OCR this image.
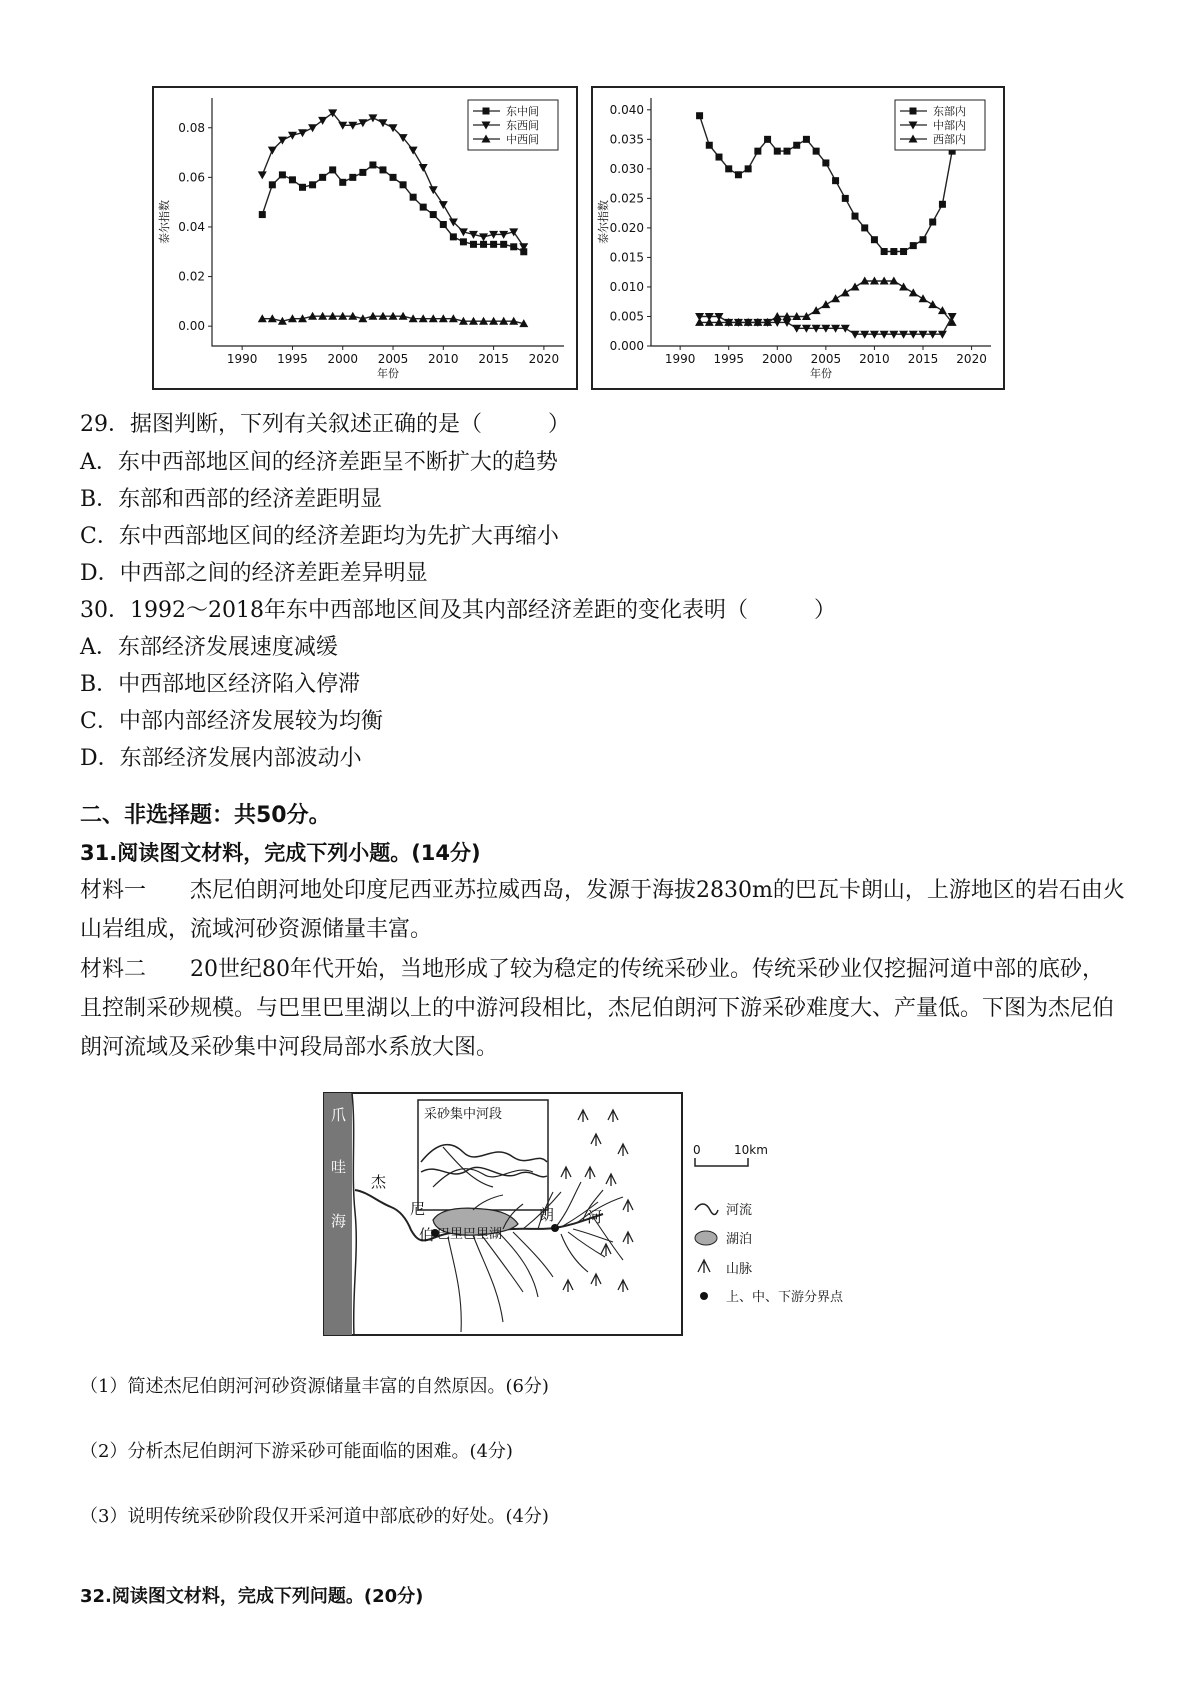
0.00
0.02
0.04
0.06
0.08
1990 1995 2000 2005 2010 2015 2020
年份
泰尔指数
东中间
东西间
中西间
0.000
0.005
0.010
0.015
0.020
0.025
0.030
0.035
0.040
1990 1995 2000 2005 2010 2015 2020
年份
泰尔指数
东部内
中部内
西部内
29．据图判断，下列有关叙述正确的是（　　　）
A．东中西部地区间的经济差距呈不断扩大的趋势
B．东部和西部的经济差距明显
C．东中西部地区间的经济差距均为先扩大再缩小
D．中西部之间的经济差距差异明显
30．1992～2018年东中西部地区间及其内部经济差距的变化表明（　　　）
A．东部经济发展速度减缓
B．中西部地区经济陷入停滞
C．中部内部经济发展较为均衡
D．东部经济发展内部波动小
二、非选择题：共50分。
31.阅读图文材料，完成下列小题。(14分)
材料一　　杰尼伯朗河地处印度尼西亚苏拉威西岛，发源于海拔2830m的巴瓦卡朗山，上游地区的岩石由火山岩组成，流域河砂资源储量丰富。
材料二　　20世纪80年代开始，当地形成了较为稳定的传统采砂业。传统采砂业仅挖掘河道中部的底砂，且控制采砂规模。与巴里巴里湖以上的中游河段相比，杰尼伯朗河下游采砂难度大、产量低。下图为杰尼伯朗河流域及采砂集中河段局部水系放大图。
爪
哇
海
采砂集中河段
杰
尼
伯
朗 河
巴里巴里湖
0	10km
河流
湖泊
山脉
上、中、下游分界点
（1）简述杰尼伯朗河河砂资源储量丰富的自然原因。(6分)
（2）分析杰尼伯朗河下游采砂可能面临的困难。(4分)
（3）说明传统采砂阶段仅开采河道中部底砂的好处。(4分)
32.阅读图文材料，完成下列问题。(20分)
